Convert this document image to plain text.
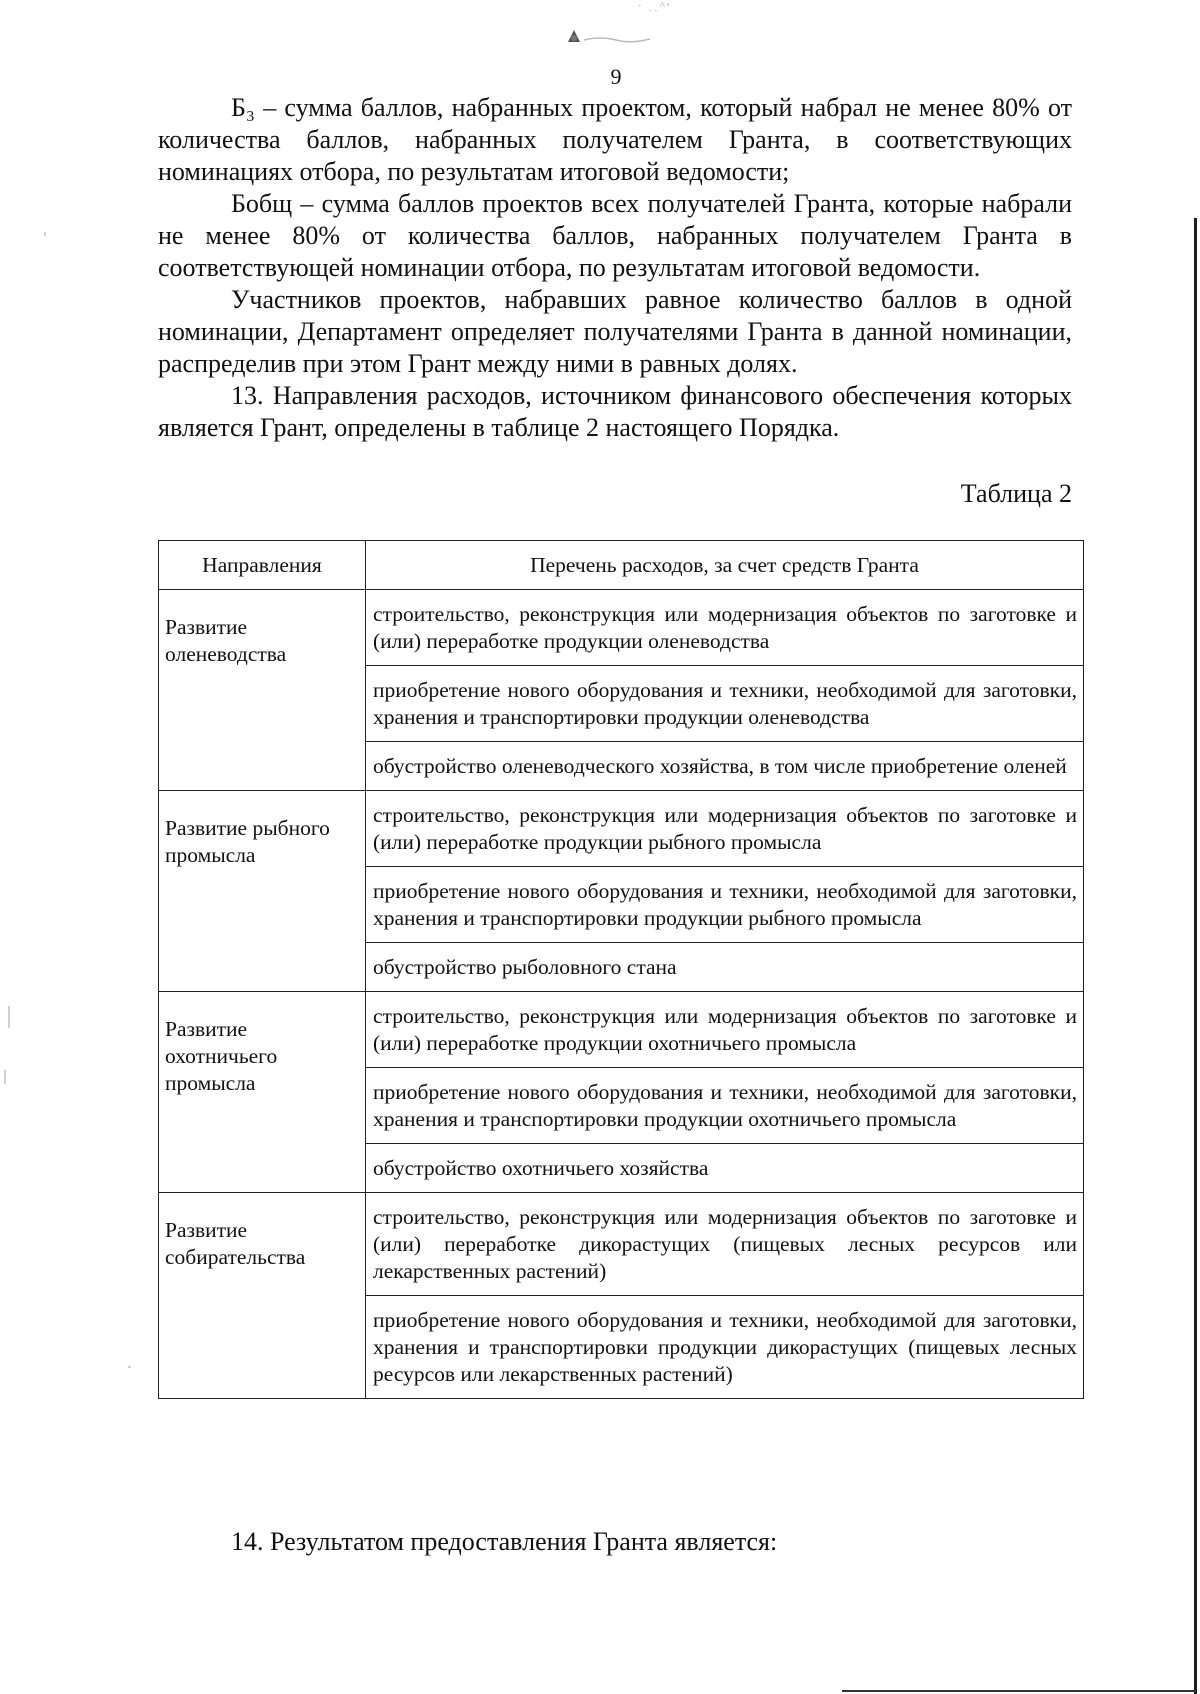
· ˏˏ^ˢ
9

Б₃ – сумма баллов, набранных проектом, который набрал не менее 80% от количества баллов, набранных получателем Гранта, в соответствующих номинациях отбора, по результатам итоговой ведомости;

Бобщ – сумма баллов проектов всех получателей Гранта, которые набрали не менее 80% от количества баллов, набранных получателем Гранта в соответствующей номинации отбора, по результатам итоговой ведомости.

Участников проектов, набравших равное количество баллов в одной номинации, Департамент определяет получателями Гранта в данной номинации, распределив при этом Грант между ними в равных долях.

13. Направления расходов, источником финансового обеспечения которых является Грант, определены в таблице 2 настоящего Порядка.

Таблица 2

Направления	Перечень расходов, за счет средств Гранта
Развитие оленеводства	строительство, реконструкция или модернизация объектов по заготовке и (или) переработке продукции оленеводства
	приобретение нового оборудования и техники, необходимой для заготовки, хранения и транспортировки продукции оленеводства
	обустройство оленеводческого хозяйства, в том числе приобретение оленей
Развитие рыбного промысла	строительство, реконструкция или модернизация объектов по заготовке и (или) переработке продукции рыбного промысла
	приобретение нового оборудования и техники, необходимой для заготовки, хранения и транспортировки продукции рыбного промысла
	обустройство рыболовного стана
Развитие охотничьего промысла	строительство, реконструкция или модернизация объектов по заготовке и (или) переработке продукции охотничьего промысла
	приобретение нового оборудования и техники, необходимой для заготовки, хранения и транспортировки продукции охотничьего промысла
	обустройство охотничьего хозяйства
Развитие собирательства	строительство, реконструкция или модернизация объектов по заготовке и (или) переработке дикорастущих (пищевых лесных ресурсов или лекарственных растений)
	приобретение нового оборудования и техники, необходимой для заготовки, хранения и транспортировки продукции дикорастущих (пищевых лесных ресурсов или лекарственных растений)
14. Результатом предоставления Гранта является:
